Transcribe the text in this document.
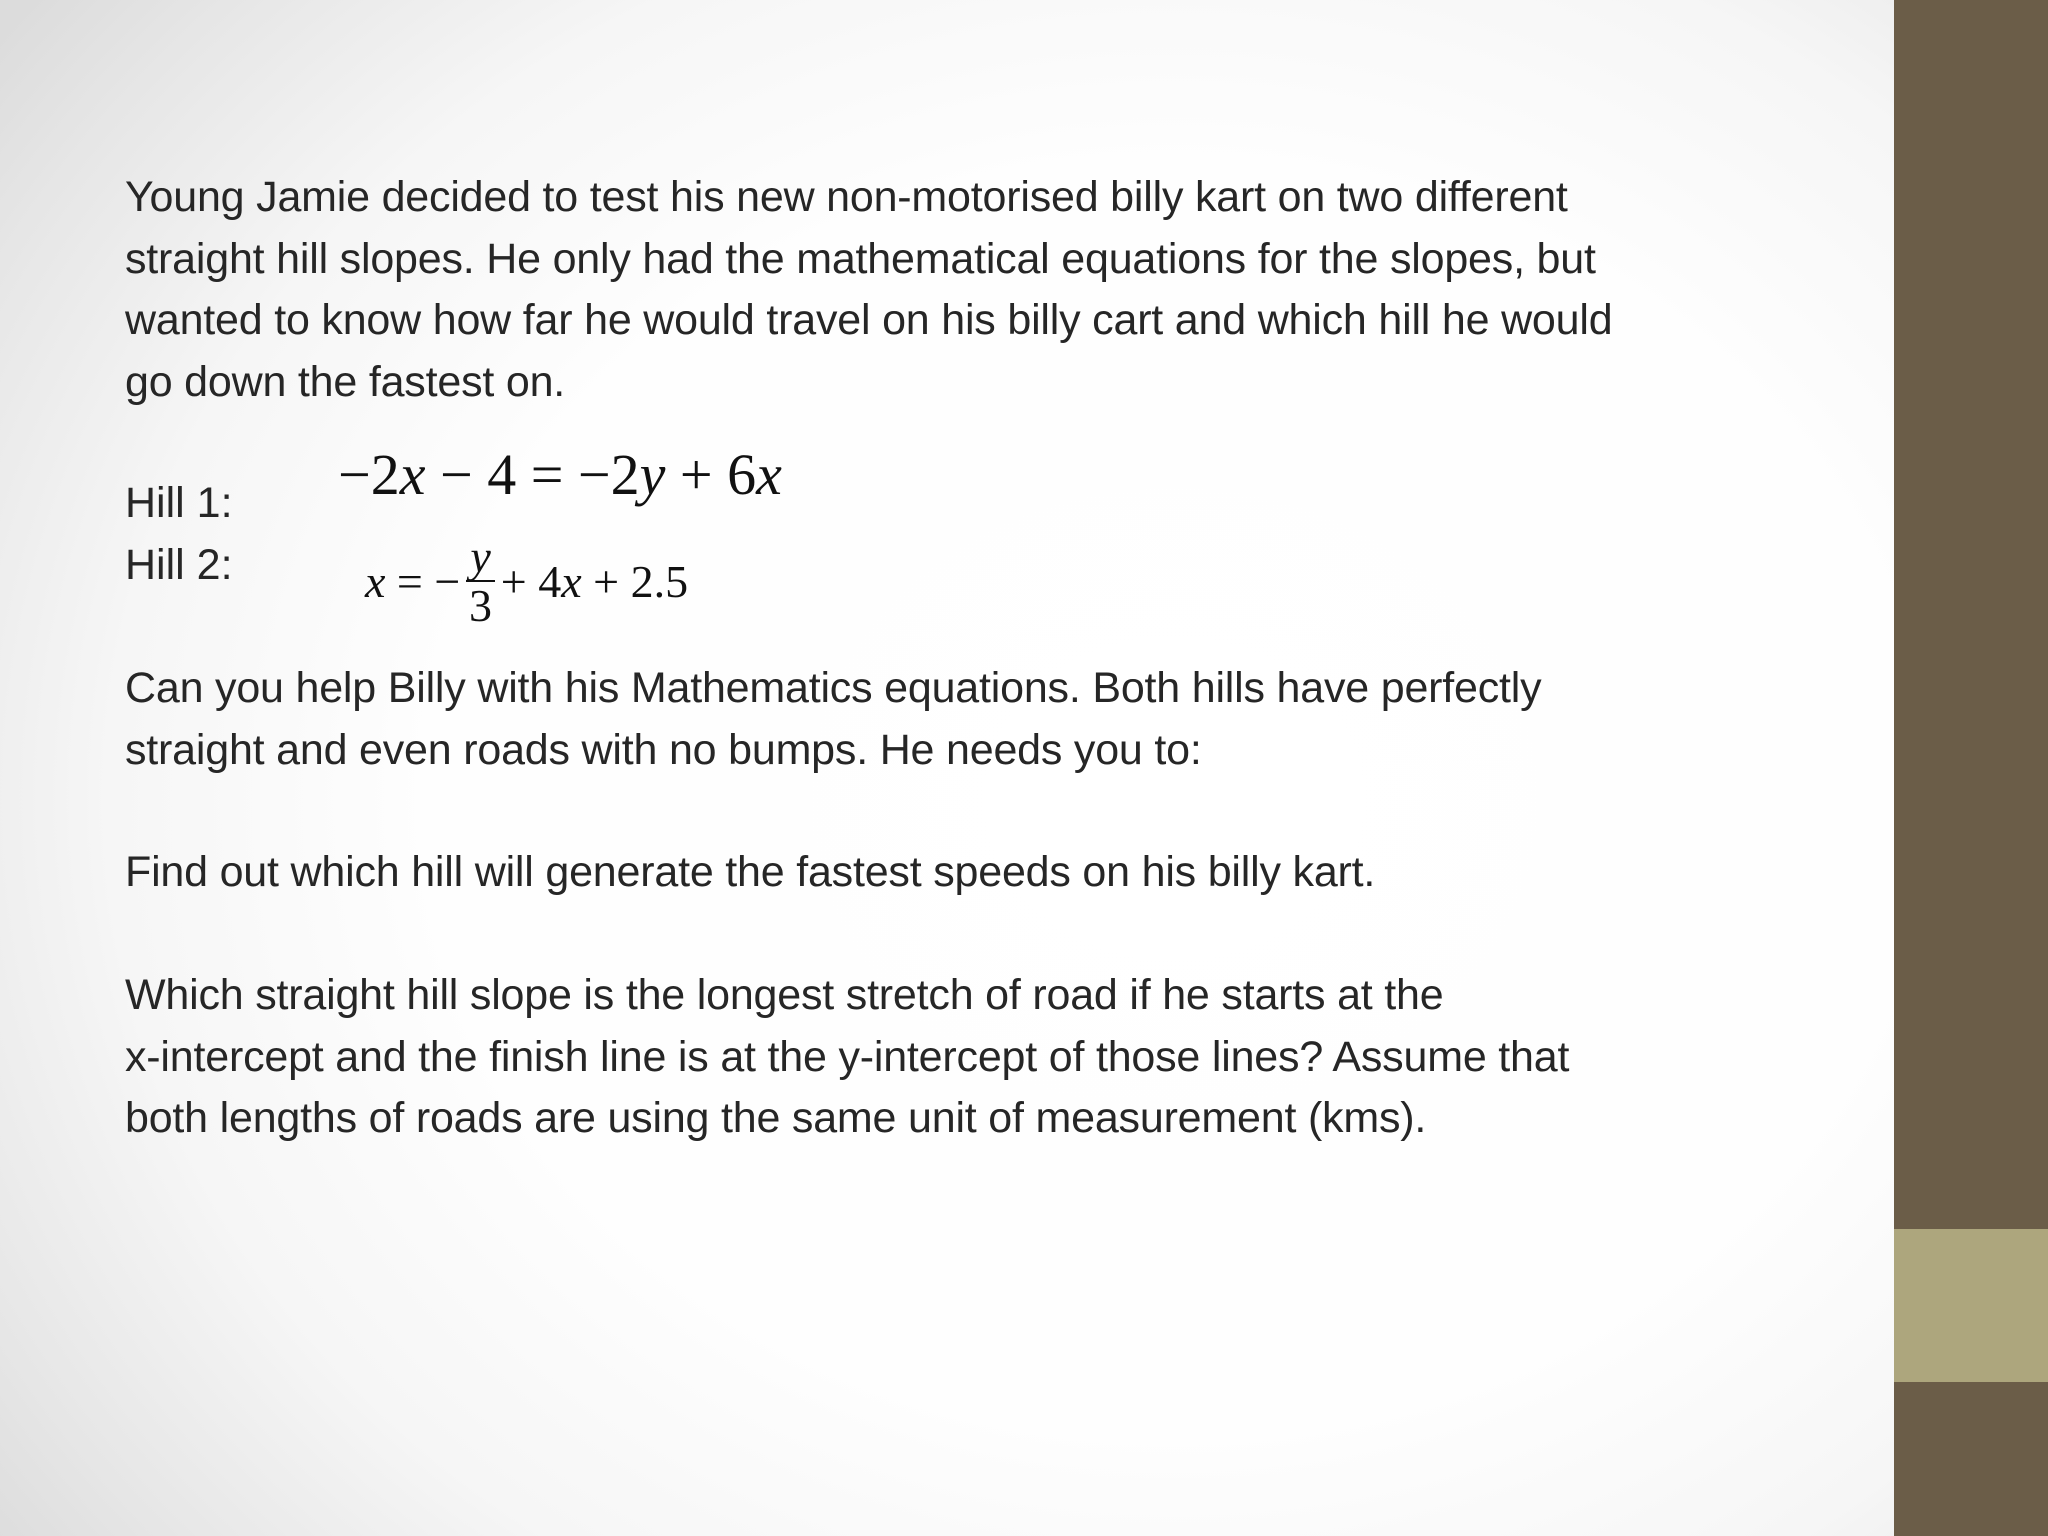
Young Jamie decided to test his new non-motorised billy kart on two different
straight hill slopes. He only had the mathematical equations for the slopes, but
wanted to know how far he would travel on his billy cart and which hill he would
go down the fastest on.
Hill 1:
Hill 2:
−2x − 4 = −2y + 6x
x = − $\frac{y}{3} + 4x + 2.5$
Can you help Billy with his Mathematics equations. Both hills have perfectly
straight and even roads with no bumps. He needs you to:
Find out which hill will generate the fastest speeds on his billy kart.
Which straight hill slope is the longest stretch of road if he starts at the
x-intercept and the finish line is at the y-intercept of those lines? Assume that
both lengths of roads are using the same unit of measurement (kms).
